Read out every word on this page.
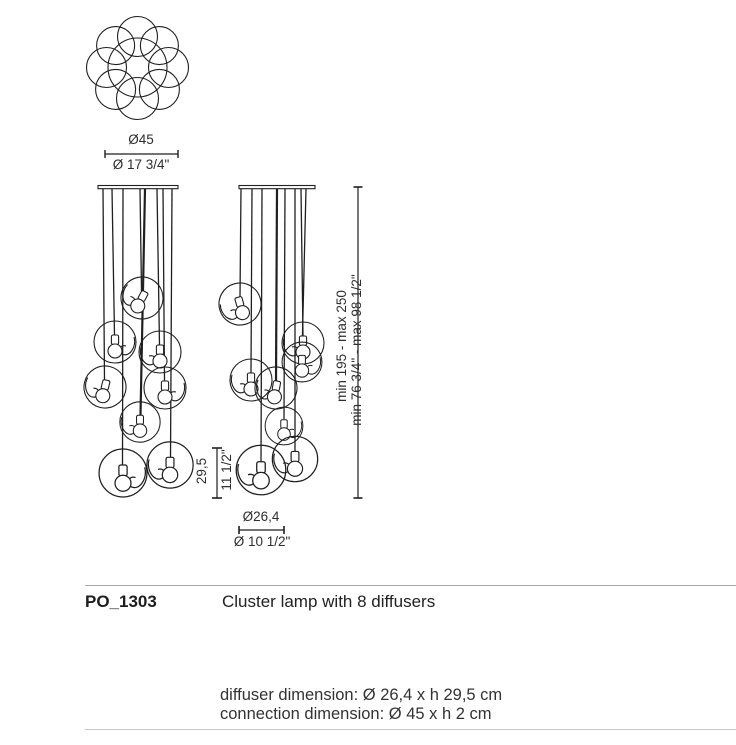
Ø45
Ø 17 3/4"
29,5 11 1/2"
min 195 - max 250 min 76 3/4" - max 98 1/2"
Ø26,4
Ø 10 1/2"
PO_1303	Cluster lamp with 8 diffusers
diffuser dimension: Ø 26,4 x h 29,5 cm
connection dimension: Ø 45 x h 2 cm
